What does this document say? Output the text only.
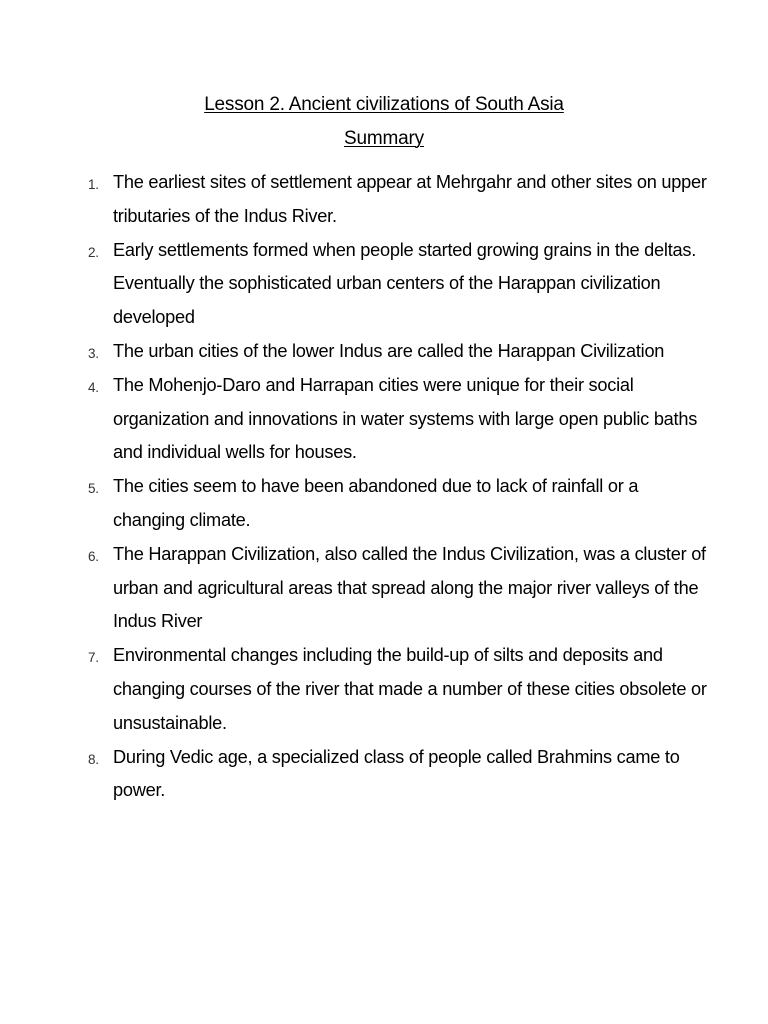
Lesson 2. Ancient civilizations of South Asia
Summary
1. The earliest sites of settlement appear at Mehrgahr and other sites on upper tributaries of the Indus River.
2. Early settlements formed when people started growing grains in the deltas. Eventually the sophisticated urban centers of the Harappan civilization developed
3. The urban cities of the lower Indus are called the Harappan Civilization
4. The Mohenjo-Daro and Harrapan cities were unique for their social organization and innovations in water systems with large open public baths and individual wells for houses.
5. The cities seem to have been abandoned due to lack of rainfall or a changing climate.
6. The Harappan Civilization, also called the Indus Civilization, was a cluster of urban and agricultural areas that spread along the major river valleys of the Indus River
7. Environmental changes including the build-up of silts and deposits and changing courses of the river that made a number of these cities obsolete or unsustainable.
8. During Vedic age, a specialized class of people called Brahmins came to power.
